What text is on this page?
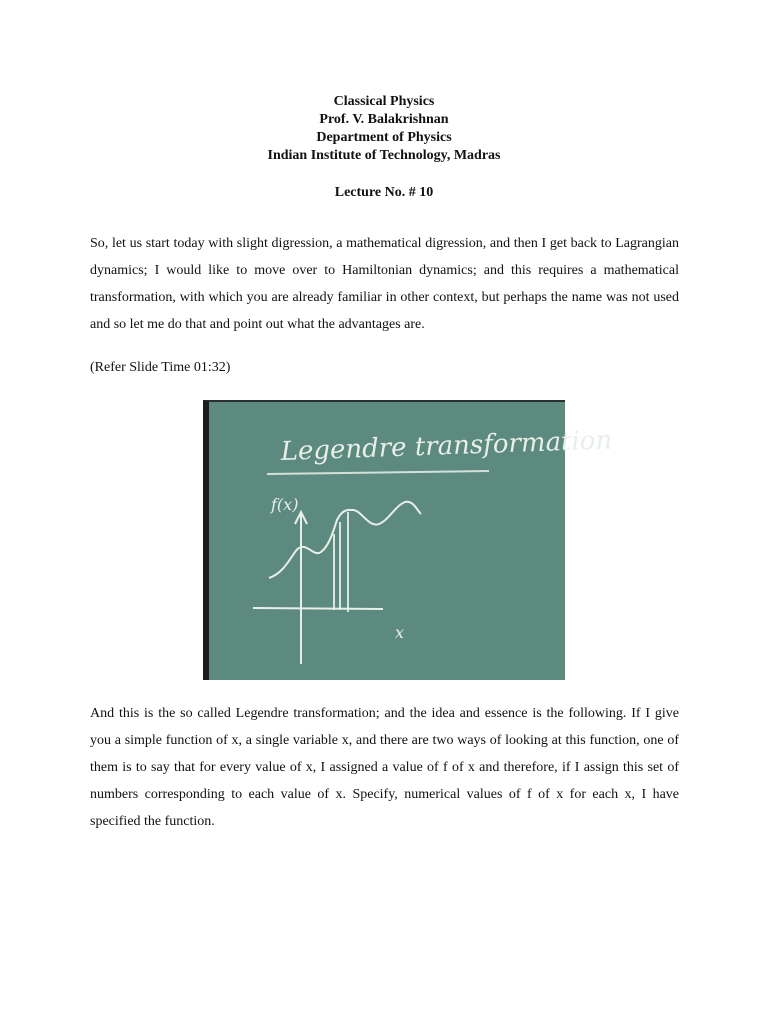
Classical Physics
Prof. V. Balakrishnan
Department of Physics
Indian Institute of Technology, Madras
Lecture No. # 10

So, let us start today with slight digression, a mathematical digression, and then I get back to Lagrangian dynamics; I would like to move over to Hamiltonian dynamics; and this requires a mathematical transformation, with which you are already familiar in other context, but perhaps the name was not used and so let me do that and point out what the advantages are.

(Refer Slide Time 01:32)

Legendre transformation
f(x)
x

And this is the so called Legendre transformation; and the idea and essence is the following. If I give you a simple function of x, a single variable x, and there are two ways of looking at this function, one of them is to say that for every value of x, I assigned a value of f of x and therefore, if I assign this set of numbers corresponding to each value of x. Specify, numerical values of f of x for each x, I have specified the function.
